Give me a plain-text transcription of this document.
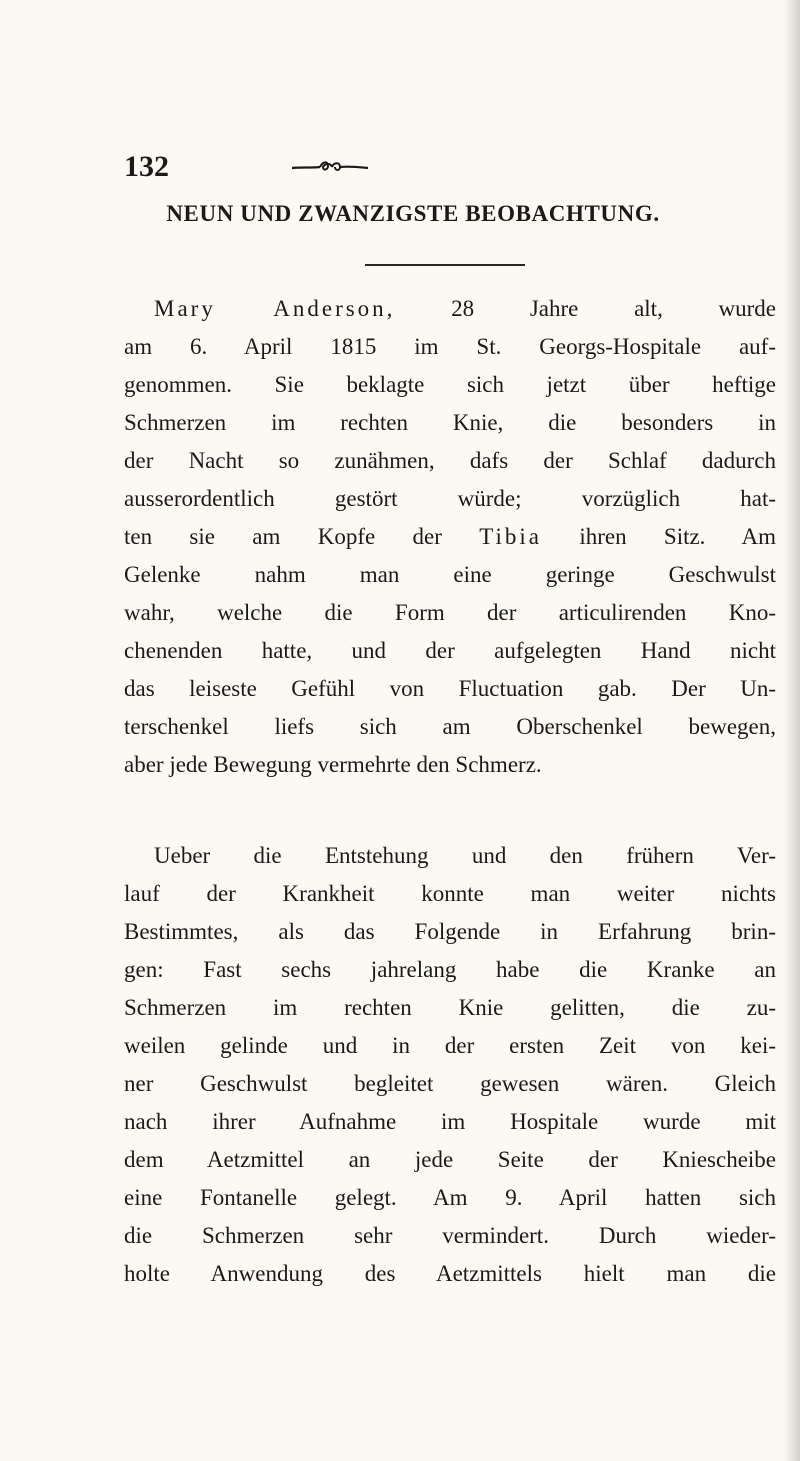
132
NEUN UND ZWANZIGSTE BEOBACHTUNG.
Mary Anderson, 28 Jahre alt, wurde
am 6. April 1815 im St. Georgs-Hospitale auf-
genommen. Sie beklagte sich jetzt über heftige
Schmerzen im rechten Knie, die besonders in
der Nacht so zunähmen, dafs der Schlaf dadurch
ausserordentlich gestört würde; vorzüglich hat-
ten sie am Kopfe der Tibia ihren Sitz. Am
Gelenke nahm man eine geringe Geschwulst
wahr, welche die Form der articulirenden Kno-
chenenden hatte, und der aufgelegten Hand nicht
das leiseste Gefühl von Fluctuation gab. Der Un-
terschenkel liefs sich am Oberschenkel bewegen,
aber jede Bewegung vermehrte den Schmerz.
Ueber die Entstehung und den frühern Ver-
lauf der Krankheit konnte man weiter nichts
Bestimmtes, als das Folgende in Erfahrung brin-
gen: Fast sechs jahrelang habe die Kranke an
Schmerzen im rechten Knie gelitten, die zu-
weilen gelinde und in der ersten Zeit von kei-
ner Geschwulst begleitet gewesen wären. Gleich
nach ihrer Aufnahme im Hospitale wurde mit
dem Aetzmittel an jede Seite der Kniescheibe
eine Fontanelle gelegt. Am 9. April hatten sich
die Schmerzen sehr vermindert. Durch wieder-
holte Anwendung des Aetzmittels hielt man die
